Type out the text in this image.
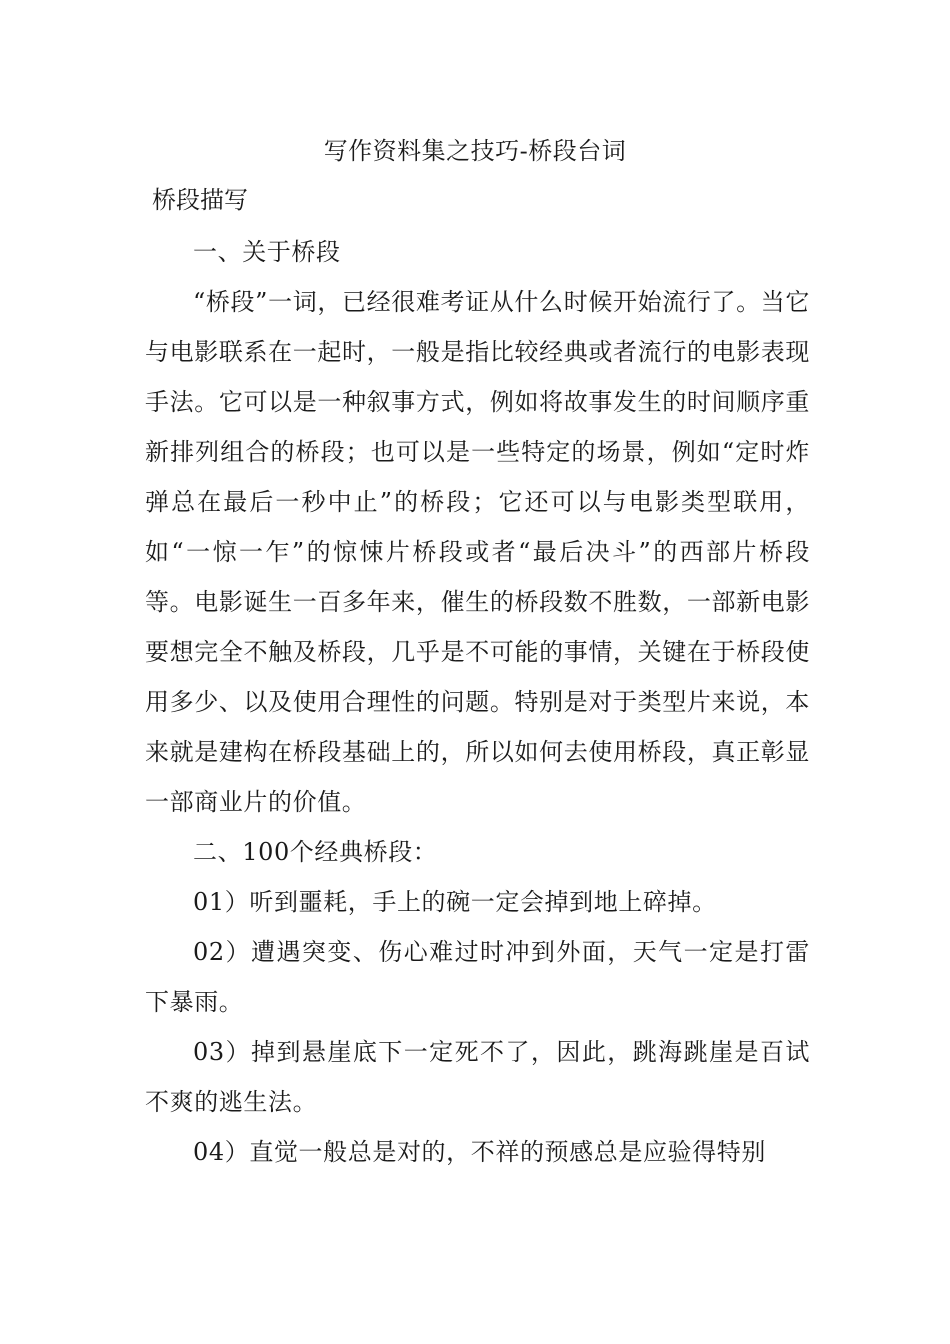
写作资料集之技巧-桥段台词
桥段描写

一、关于桥段

“桥段”一词，已经很难考证从什么时候开始流行了。当它与电影联系在一起时，一般是指比较经典或者流行的电影表现手法。它可以是一种叙事方式，例如将故事发生的时间顺序重新排列组合的桥段；也可以是一些特定的场景，例如“定时炸弹总在最后一秒中止”的桥段；它还可以与电影类型联用，如“一惊一乍”的惊悚片桥段或者“最后决斗”的西部片桥段等。电影诞生一百多年来，催生的桥段数不胜数，一部新电影要想完全不触及桥段，几乎是不可能的事情，关键在于桥段使用多少、以及使用合理性的问题。特别是对于类型片来说，本来就是建构在桥段基础上的，所以如何去使用桥段，真正彰显一部商业片的价值。

二、100个经典桥段：

01）听到噩耗，手上的碗一定会掉到地上碎掉。

02）遭遇突变、伤心难过时冲到外面，天气一定是打雷下暴雨。

03）掉到悬崖底下一定死不了，因此，跳海跳崖是百试不爽的逃生法。

04）直觉一般总是对的，不祥的预感总是应验得特别
